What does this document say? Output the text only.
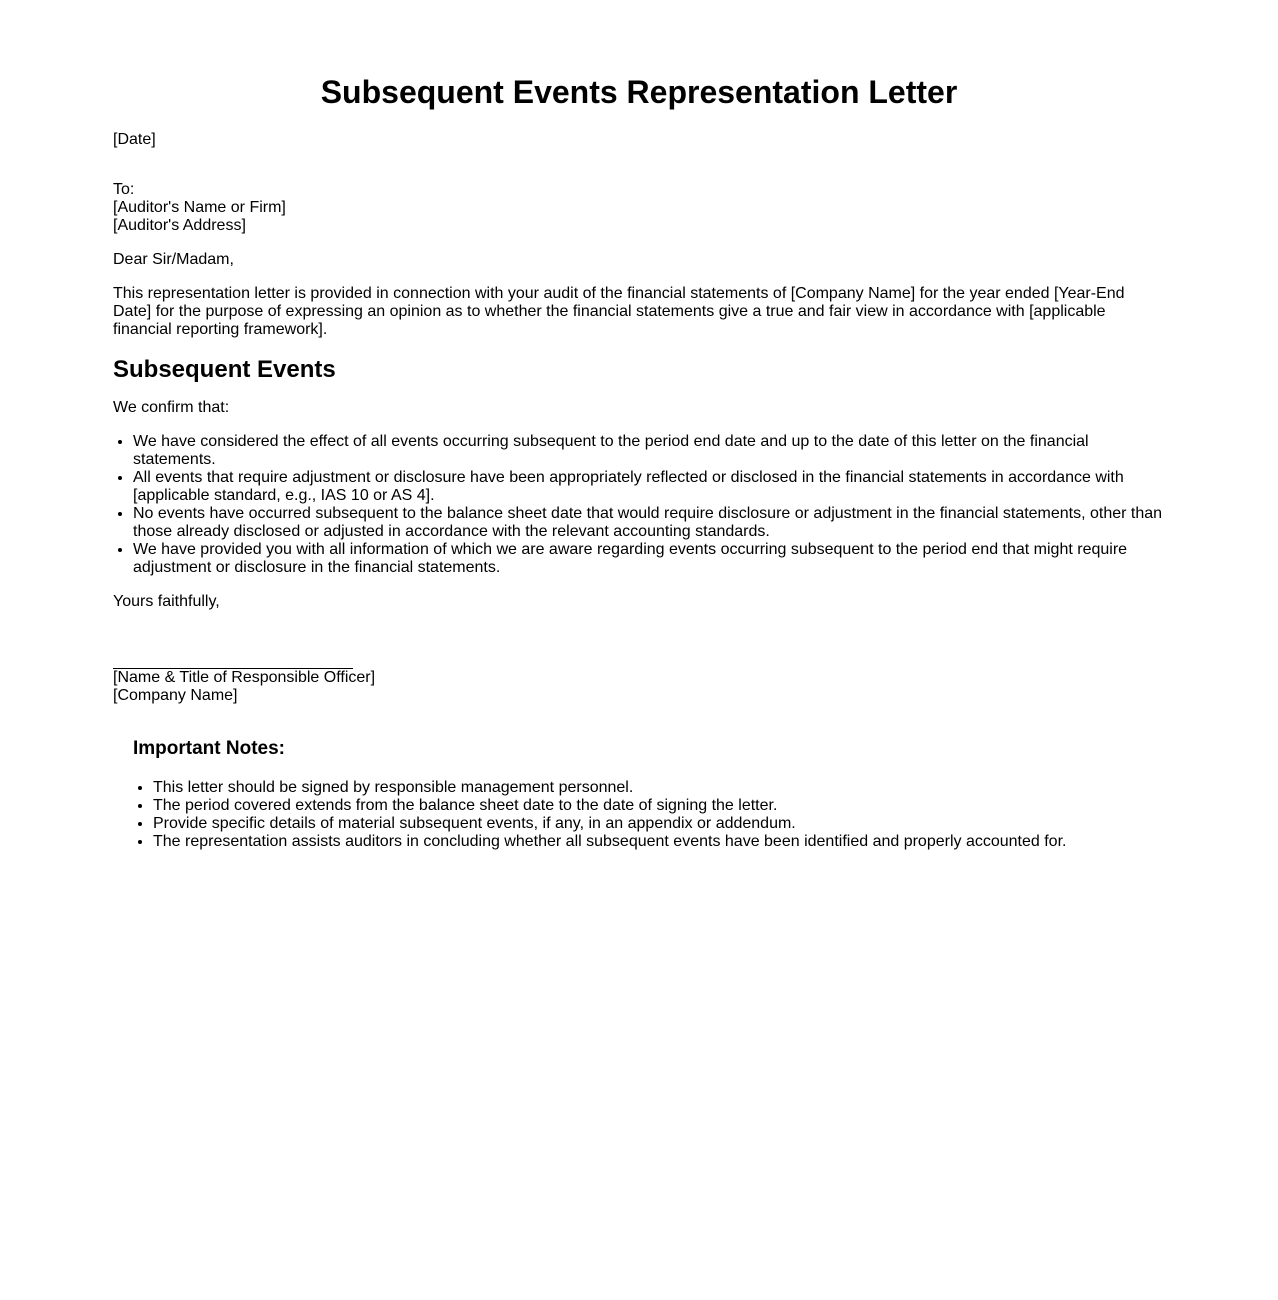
Subsequent Events Representation Letter

[Date]

To:
[Auditor's Name or Firm]
[Auditor's Address]

Dear Sir/Madam,

This representation letter is provided in connection with your audit of the financial statements of [Company Name] for the year ended [Year-End Date] for the purpose of expressing an opinion as to whether the financial statements give a true and fair view in accordance with [applicable financial reporting framework].

Subsequent Events

We confirm that:

• We have considered the effect of all events occurring subsequent to the period end date and up to the date of this letter on the financial statements.
• All events that require adjustment or disclosure have been appropriately reflected or disclosed in the financial statements in accordance with [applicable standard, e.g., IAS 10 or AS 4].
• No events have occurred subsequent to the balance sheet date that would require disclosure or adjustment in the financial statements, other than those already disclosed or adjusted in accordance with the relevant accounting standards.
• We have provided you with all information of which we are aware regarding events occurring subsequent to the period end that might require adjustment or disclosure in the financial statements.

Yours faithfully,

[Name & Title of Responsible Officer]
[Company Name]
Important Notes:
• This letter should be signed by responsible management personnel.
• The period covered extends from the balance sheet date to the date of signing the letter.
• Provide specific details of material subsequent events, if any, in an appendix or addendum.
• The representation assists auditors in concluding whether all subsequent events have been identified and properly accounted for.
